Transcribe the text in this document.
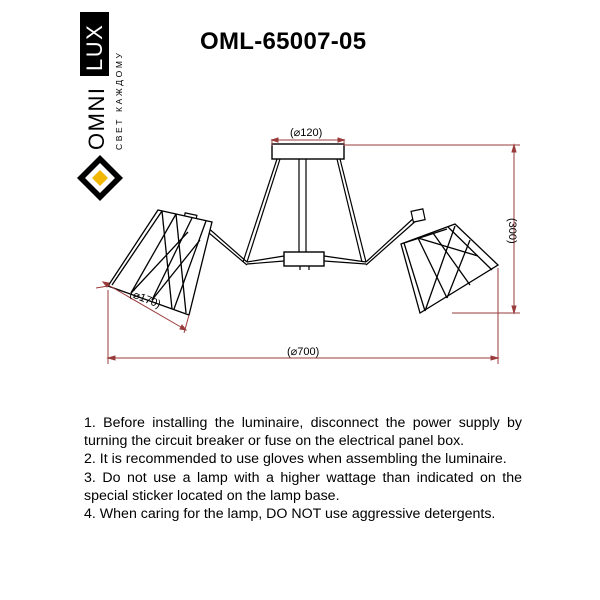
OMNI
LUX
СВЕТ КАЖДОМУ	(⌀120)
(300)
(⌀170)
(⌀700)
OML-65007-05

1. Before installing the luminaire, disconnect the power supply by turning the circuit breaker or fuse on the electrical panel box.

2. It is recommended to use gloves when assembling the luminaire.

3. Do not use a lamp with a higher wattage than indicated on the special sticker located on the lamp base.

4. When caring for the lamp, DO NOT use aggressive detergents.
